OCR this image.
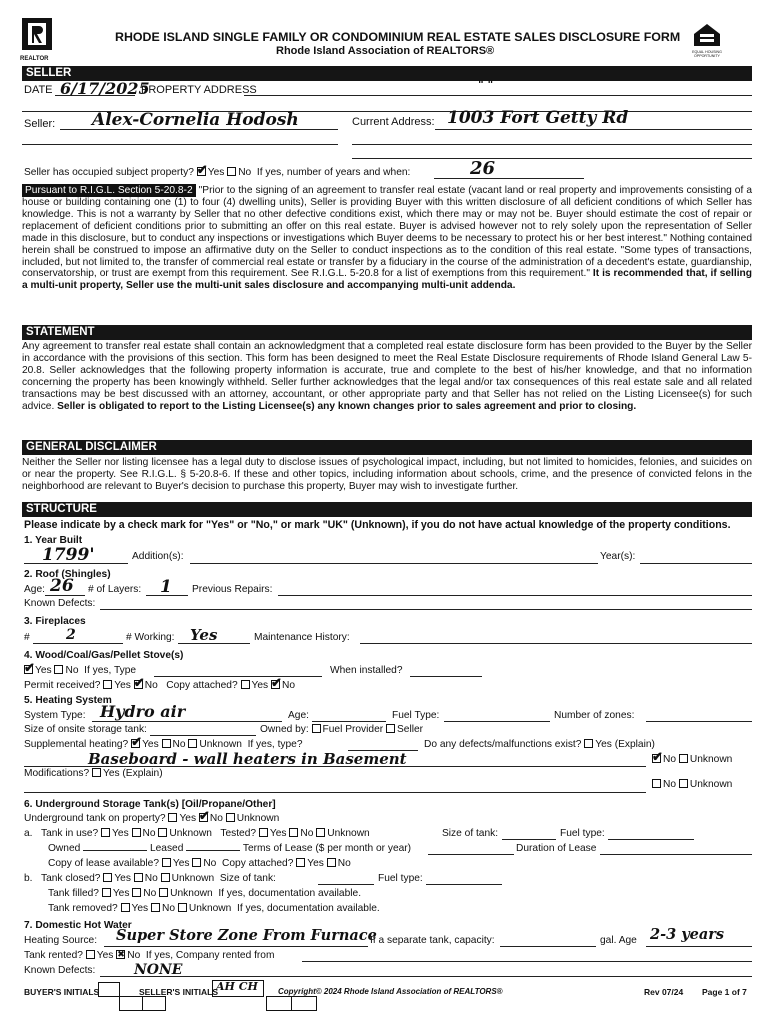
REALTOR
RHODE ISLAND SINGLE FAMILY OR CONDOMINIUM REAL ESTATE SALES DISCLOSURE FORM
Rhode Island Association of REALTORS®	EQUAL HOUSING OPPORTUNITY
SELLER
DATE 6/17/2025
PROPERTY ADDRESS	" "
Seller: Alex-Cornelia Hodosh	Current Address: 1003 Fort Getty Rd
Seller has occupied subject property? ✔ Yes No If yes, number of years and when:	26
Pursuant to R.I.G.L. Section 5-20.8-2 "Prior to the signing of an agreement to transfer real estate (vacant land or real property and improvements consisting of a house or building containing one (1) to four (4) dwelling units), Seller is providing Buyer with this written disclosure of all deficient conditions of which Seller has knowledge. This is not a warranty by Seller that no other defective conditions exist, which there may or may not be. Buyer should estimate the cost of repair or replacement of deficient conditions prior to submitting an offer on this real estate. Buyer is advised however not to rely solely upon the representation of Seller made in this disclosure, but to conduct any inspections or investigations which Buyer deems to be necessary to protect his or her best interest." Nothing contained herein shall be construed to impose an affirmative duty on the Seller to conduct inspections as to the condition of this real estate. "Some types of transactions, included, but not limited to, the transfer of commercial real estate or transfer by a fiduciary in the course of the administration of a decedent's estate, guardianship, conservatorship, or trust are exempt from this requirement. See R.I.G.L. 5-20.8 for a list of exemptions from this requirement." It is recommended that, if selling a multi-unit property, Seller use the multi-unit sales disclosure and accompanying multi-unit addenda.
STATEMENT
Any agreement to transfer real estate shall contain an acknowledgment that a completed real estate disclosure form has been provided to the Buyer by the Seller in accordance with the provisions of this section. This form has been designed to meet the Real Estate Disclosure requirements of Rhode Island General Law 5-20.8. Seller acknowledges that the following property information is accurate, true and complete to the best of his/her knowledge, and that no information concerning the property has been knowingly withheld. Seller further acknowledges that the legal and/or tax consequences of this real estate sale and all related transactions may be best discussed with an attorney, accountant, or other appropriate party and that Seller has not relied on the Listing Licensee(s) for such advice. Seller is obligated to report to the Listing Licensee(s) any known changes prior to sales agreement and prior to closing.
GENERAL DISCLAIMER
Neither the Seller nor listing licensee has a legal duty to disclose issues of psychological impact, including, but not limited to homicides, felonies, and suicides on or near the property. See R.I.G.L. § 5-20.8-6. If these and other topics, including information about schools, crime, and the presence of convicted felons in the neighborhood are relevant to Buyer's decision to purchase this property, Buyer may wish to investigate further.
STRUCTURE
Please indicate by a check mark for "Yes" or "No," or mark "UK" (Unknown), if you do not have actual knowledge of the property conditions.
1. Year Built
1799'	Addition(s):	Year(s):
2. Roof (Shingles)
Age: 26 # of Layers: 1 Previous Repairs:
Known Defects:
3. Fireplaces
#	2	# Working: Yes	Maintenance History:
4. Wood/Coal/Gas/Pellet Stove(s)
✔Yes No If yes, Type	When installed?
Permit received? Yes ✔ No Copy attached? Yes ✔ No
5. Heating System
System Type: Hydro air	Age:	Fuel Type:	Number of zones:
Size of onsite storage tank:	Owned by: Fuel Provider Seller
Supplemental heating? ✔ Yes No Unknown If yes, type?	Do any defects/malfunctions exist? Yes (Explain)
Baseboard - wall heaters in Basement ✔	No Unknown
Modifications? Yes (Explain)
No Unknown
6. Underground Storage Tank(s) [Oil/Propane/Other]
Underground tank on property? Yes ✔ No Unknown
a. Tank in use? Yes No Unknown Tested? Yes No Unknown	Size of tank:	Fuel type:
Owned	Leased	Terms of Lease ($ per month or year)	Duration of Lease
Copy of lease available? Yes No Copy attached? Yes No
b. Tank closed? Yes No Unknown Size of tank:	Fuel type:
Tank filled? Yes No Unknown If yes, documentation available.
Tank removed? Yes No Unknown If yes, documentation available.
7. Domestic Hot Water
Heating Source: Super Store Zone From Furnace
If a separate tank, capacity:	gal. Age 2-3 years
Tank rented? Yes ✖ No If yes, Company rented from
Known Defects:	NONE
BUYER'S INITIALS	SELLER'S INITIALS
AH CH	Copyright© 2024 Rhode Island Association of REALTORS®	Rev 07/24 Page 1 of 7
